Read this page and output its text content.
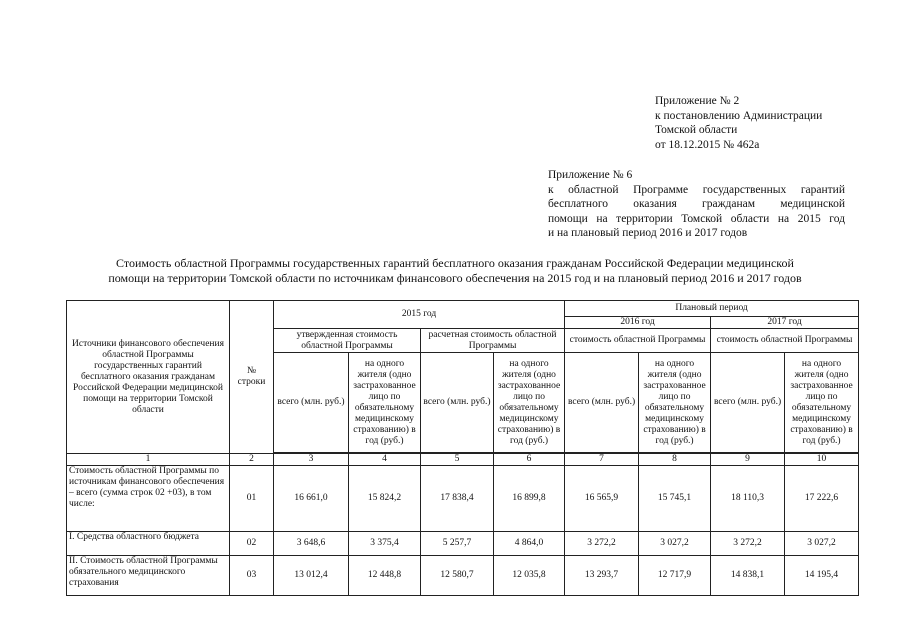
Приложение № 2
к постановлению Администрации
Томской области
от 18.12.2015 № 462а
Приложение № 6
к областной Программе государственных гарантий
бесплатного оказания гражданам медицинской
помощи на территории Томской области на 2015 год
и на плановый период 2016 и 2017 годов
Стоимость областной Программы государственных гарантий бесплатного оказания гражданам Российской Федерации медицинской
помощи на территории Томской области по источникам финансового обеспечения на 2015 год и на плановый период 2016 и 2017 годов
Источники финансового обеспечения областной Программы государственных гарантий бесплатного оказания гражданам Российской Федерации медицинской помощи на территории Томской области	№ строки	2015 год				Плановый период			
						2016 год		2017 год	
		утвержденная стоимость областной Программы		расчетная стоимость областной Программы		стоимость областной Программы		стоимость областной Программы	
		всего (млн. руб.)	на одного жителя (одно застрахованное лицо по обязательному медицинскому страхованию) в год (руб.)	всего (млн. руб.)	на одного жителя (одно застрахованное лицо по обязательному медицинскому страхованию) в год (руб.)	всего (млн. руб.)	на одного жителя (одно застрахованное лицо по обязательному медицинскому страхованию) в год (руб.)	всего (млн. руб.)	на одного жителя (одно застрахованное лицо по обязательному медицинскому страхованию) в год (руб.)

1	2	3	4	5	6	7	8	9	10
Стоимость областной Программы по источникам финансового обеспечения – всего (сумма строк 02 +03), в том числе:	01	16 661,0	15 824,2	17 838,4	16 899,8	16 565,9	15 745,1	18 110,3	17 222,6
I. Средства областного бюджета	02	3 648,6	3 375,4	5 257,7	4 864,0	3 272,2	3 027,2	3 272,2	3 027,2
II. Стоимость областной Программы обязательного медицинского страхования	03	13 012,4	12 448,8	12 580,7	12 035,8	13 293,7	12 717,9	14 838,1	14 195,4
